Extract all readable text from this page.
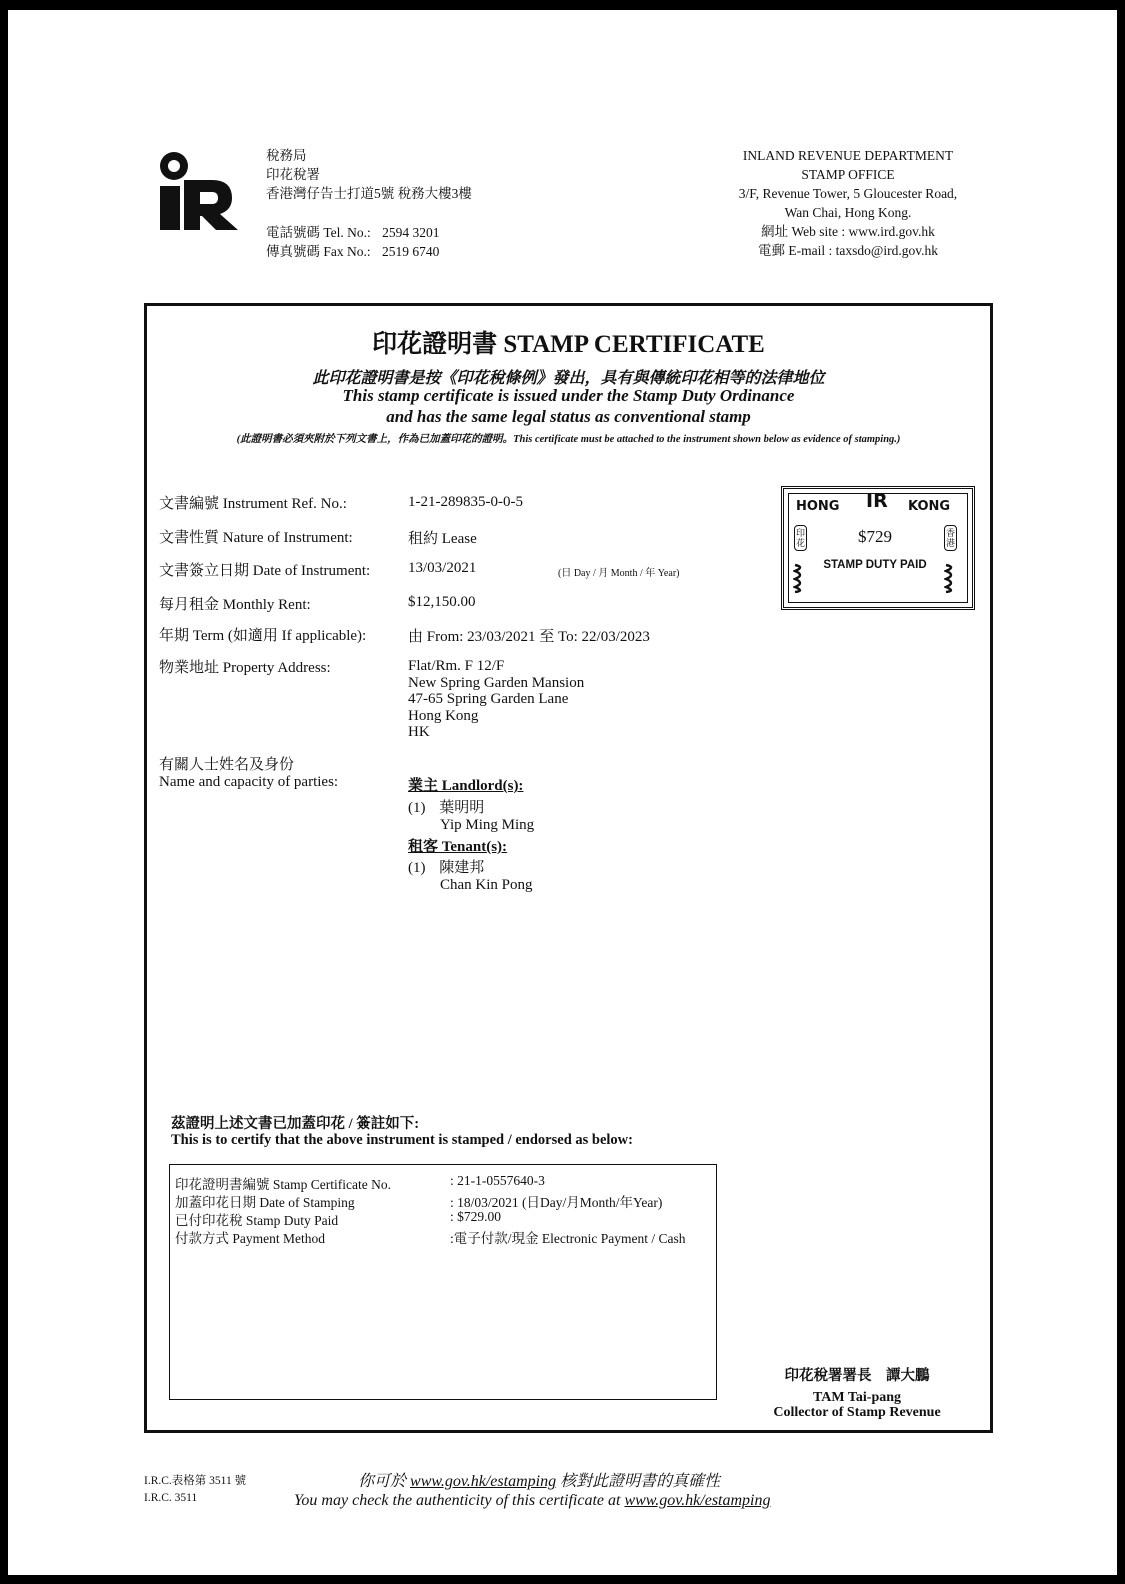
稅務局
印花稅署
香港灣仔告士打道5號 稅務大樓3樓
電話號碼 Tel. No.: 2594 3201
傳真號碼 Fax No.: 2519 6740
INLAND REVENUE DEPARTMENT
STAMP OFFICE
3/F, Revenue Tower, 5 Gloucester Road,
Wan Chai, Hong Kong.
網址 Web site : www.ird.gov.hk
電郵 E-mail : taxsdo@ird.gov.hk
印花證明書 STAMP CERTIFICATE
此印花證明書是按《印花稅條例》發出，具有與傳統印花相等的法律地位
This stamp certificate is issued under the Stamp Duty Ordinance
and has the same legal status as conventional stamp
(此證明書必須夾附於下列文書上，作為已加蓋印花的證明。This certificate must be attached to the instrument shown below as evidence of stamping.)
文書編號 Instrument Ref. No.:	1-21-289835-0-0-5
文書性質 Nature of Instrument:	租約 Lease
文書簽立日期 Date of Instrument:	13/03/2021	(日 Day / 月 Month / 年 Year)
每月租金 Monthly Rent:	$12,150.00
年期 Term (如適用 If applicable):	由 From: 23/03/2021 至 To: 22/03/2023
物業地址 Property Address:	Flat/Rm. F 12/F
New Spring Garden Mansion
47-65 Spring Garden Lane
Hong Kong
HK
有關人士姓名及身份
Name and capacity of parties:	業主 Landlord(s):
(1) 葉明明
Yip Ming Ming
租客 Tenant(s):
(1) 陳建邦
Chan Kin Pong
HONG IR KONG
$729
STAMP DUTY PAID
印花
香港
茲證明上述文書已加蓋印花 / 簽註如下:
This is to certify that the above instrument is stamped / endorsed as below:
印花證明書編號 Stamp Certificate No.	: 21-1-0557640-3
加蓋印花日期 Date of Stamping	: 18/03/2021 (日Day/月Month/年Year)
已付印花稅 Stamp Duty Paid	: $729.00
付款方式 Payment Method	:電子付款/現金 Electronic Payment / Cash
印花稅署署長　譚大鵬
TAM Tai-pang
Collector of Stamp Revenue
I.R.C.表格第 3511 號
I.R.C. 3511
你可於 www.gov.hk/estamping 核對此證明書的真確性
You may check the authenticity of this certificate at www.gov.hk/estamping
